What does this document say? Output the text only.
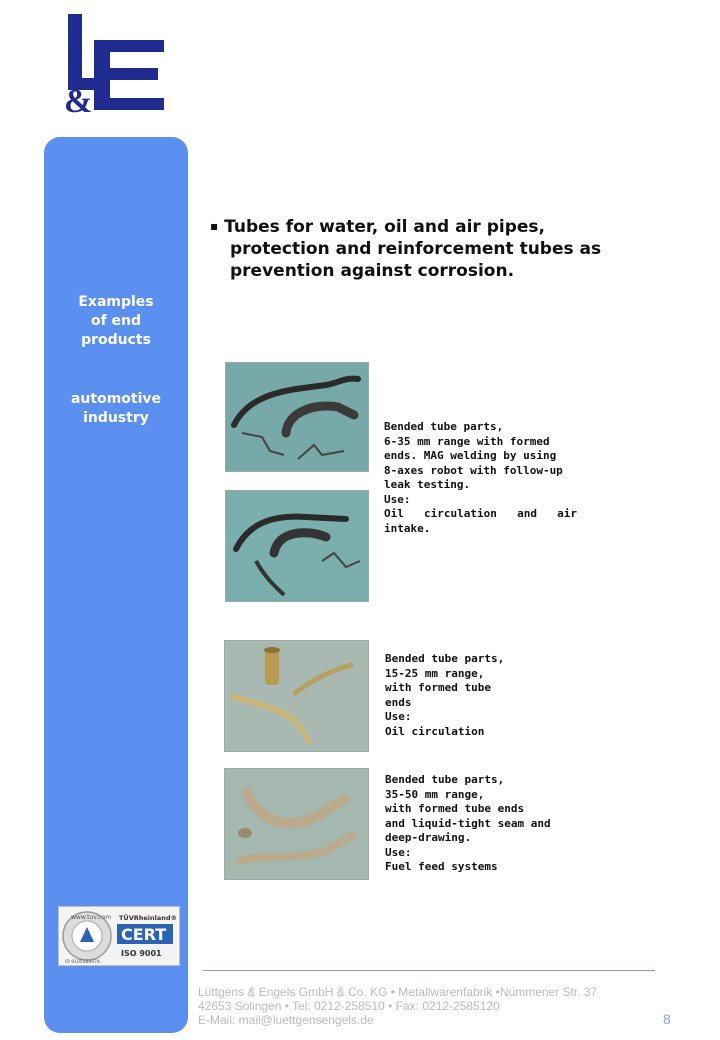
&
Examples
of end
products
automotive
industry
www.tuv.com
ID 9105088974
TÜVRheinland®
CERT
ISO 9001
▪ Tubes for water, oil and air pipes,
protection and reinforcement tubes as
prevention against corrosion.
Bended tube parts,
6-35 mm range with formed
ends. MAG welding by using
8-axes robot with follow-up
leak testing.
Use:
Oil circulation and air
intake.
Bended tube parts,
15-25 mm range,
with formed tube
ends
Use:
Oil circulation
Bended tube parts,
35-50 mm range,
with formed tube ends
and liquid-tight seam and
deep-drawing.
Use:
Fuel feed systems
Lüttgens & Engels GmbH & Co. KG • Metallwarenfabrik •Nümmener Str. 37
42653 Solingen • Tel: 0212-258510 • Fax: 0212-2585120
E-Mail: mail@luettgensengels.de	8
